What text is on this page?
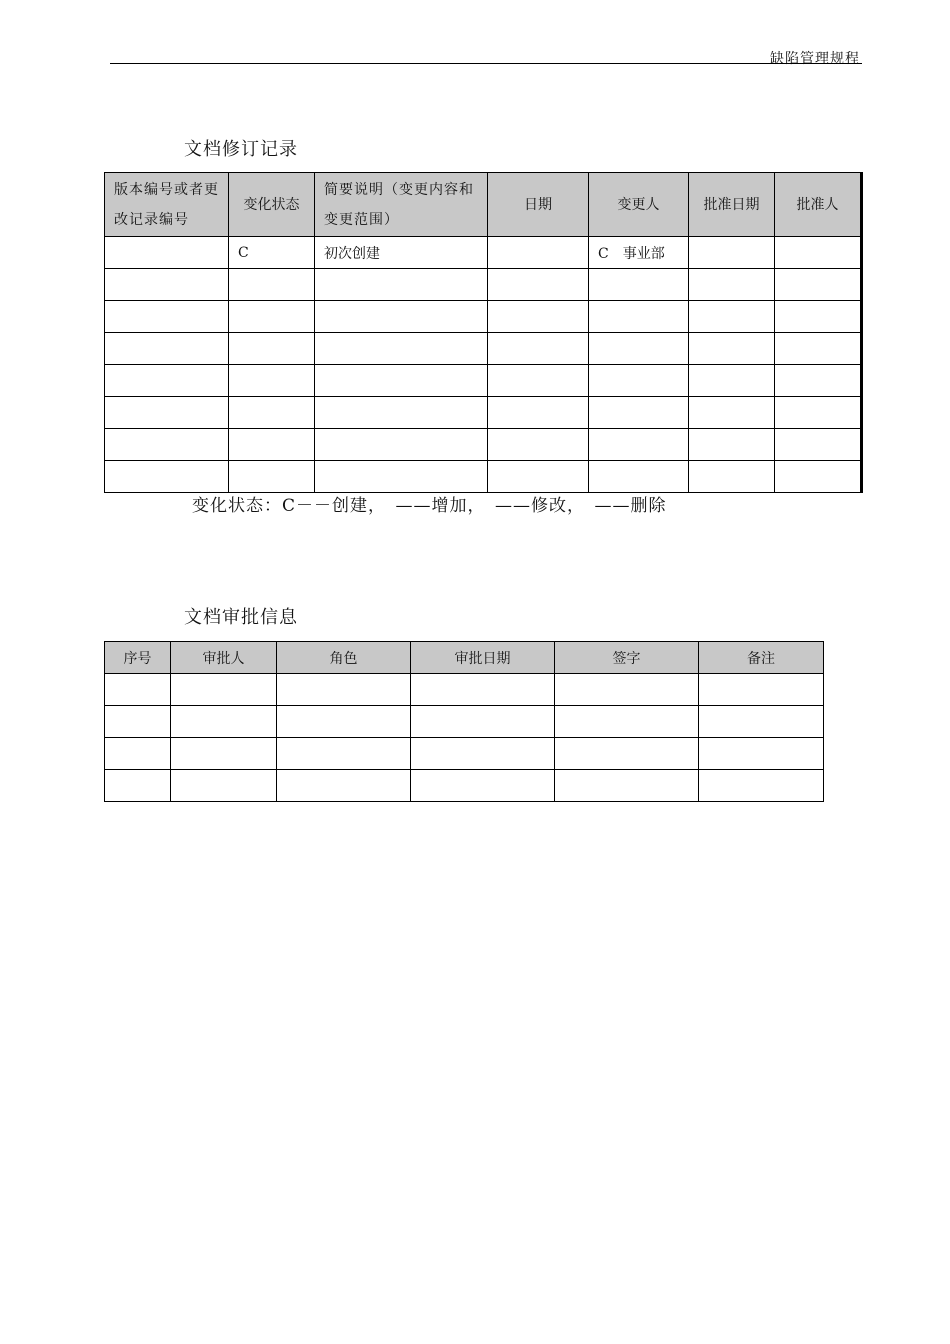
缺陷管理规程
文档修订记录
版本编号或者更改记录编号	变化状态	简要说明（变更内容和变更范围）	日期	变更人	批准日期	批准人
	C	初次创建		C　事业部		

变化状态：C－－创建，　——增加，　——修改，　——删除
文档审批信息
序号	审批人	角色	审批日期	签字	备注
